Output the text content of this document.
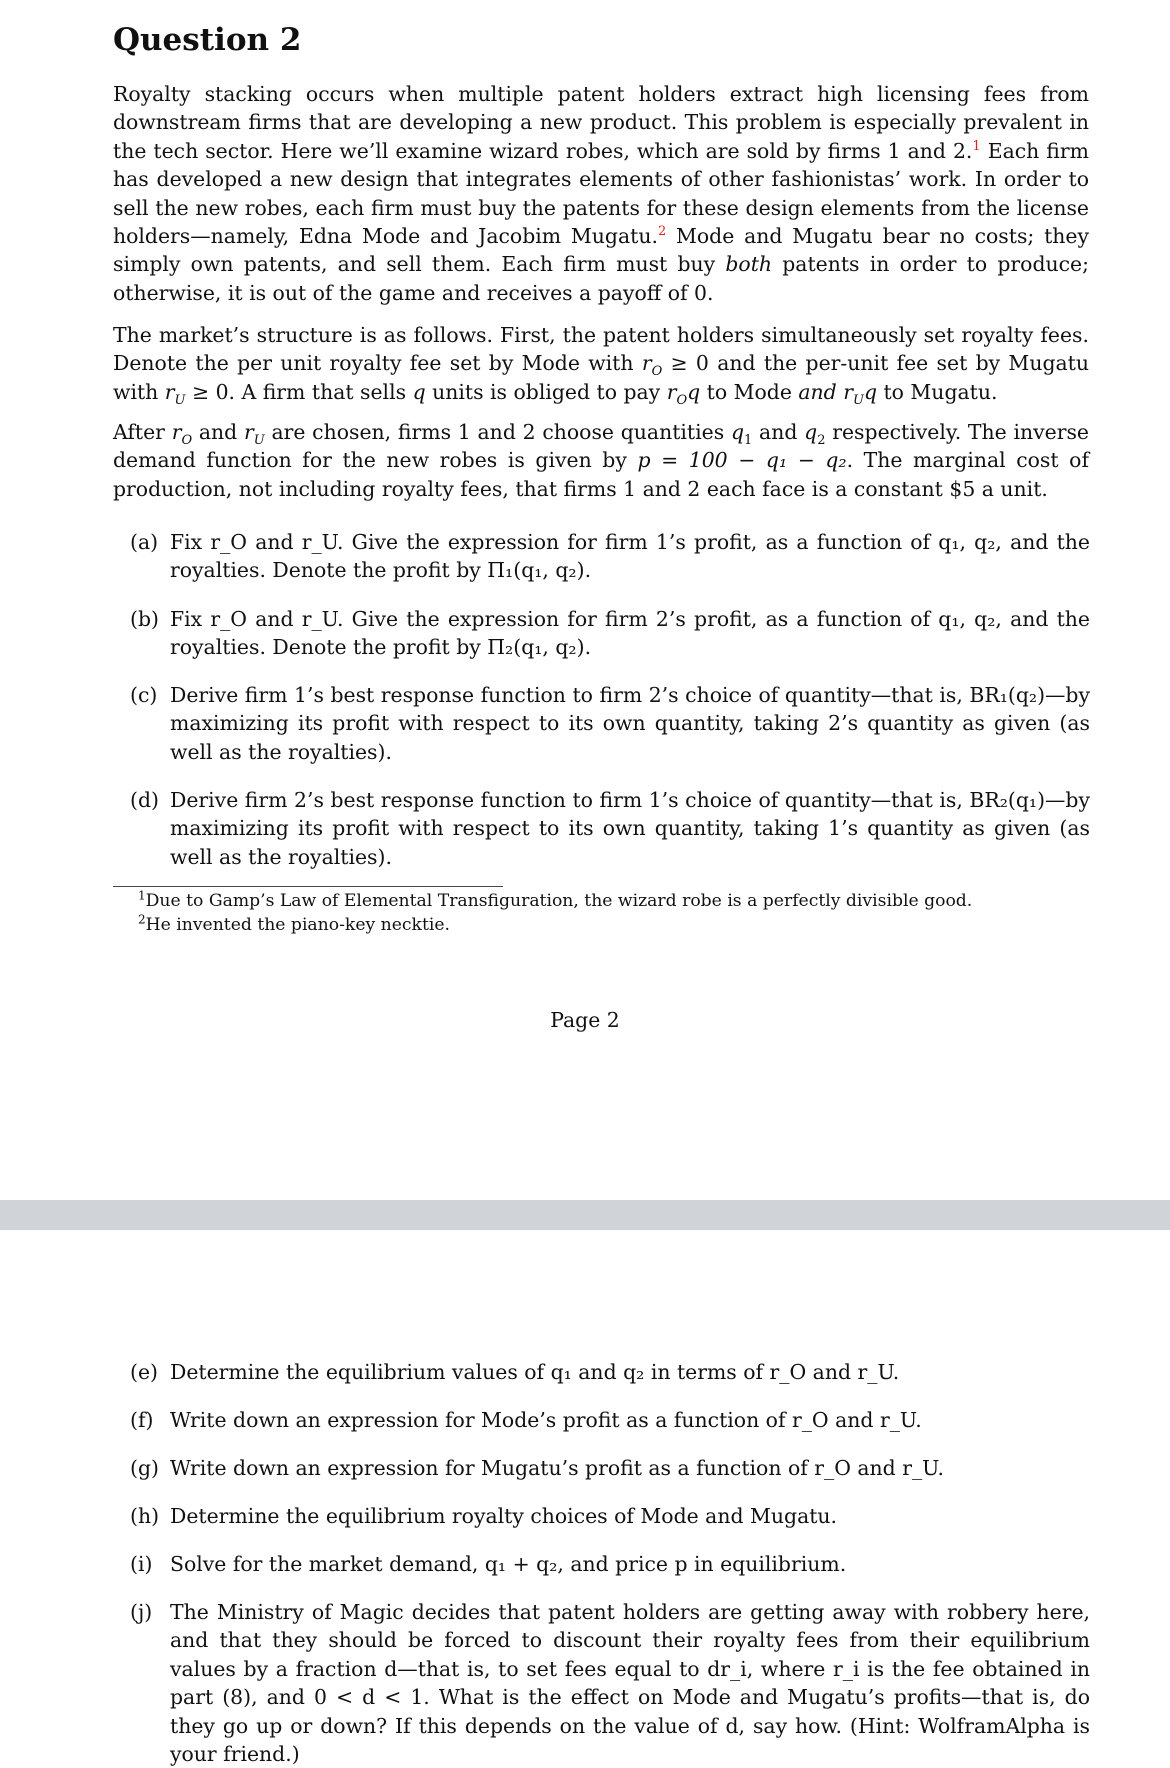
Question 2

Royalty stacking occurs when multiple patent holders extract high licensing fees from downstream firms that are developing a new product. This problem is especially prevalent in the tech sector. Here we’ll examine wizard robes, which are sold by firms 1 and 2.$^1$ Each firm has developed a new design that integrates elements of other fashionistas’ work. In order to sell the new robes, each firm must buy the patents for these design elements from the license holders—namely, Edna Mode and Jacobim Mugatu.$^2$ Mode and Mugatu bear no costs; they simply own patents, and sell them. Each firm must buy both patents in order to produce; otherwise, it is out of the game and receives a payoff of 0.

The market’s structure is as follows. First, the patent holders simultaneously set royalty fees. Denote the per unit royalty fee set by Mode with $r_O \ge 0$ and the per-unit fee set by Mugatu with $r_U \ge 0$. A firm that sells q units is obliged to pay $r_Oq$ to Mode and $r_Uq$ to Mugatu.

After $r_O$ and $r_U$ are chosen, firms 1 and 2 choose quantities $q_1$ and $q_2$ respectively. The inverse demand function for the new robes is given by p = 100 − q₁ − q₂. The marginal cost of production, not including royalty fees, that firms 1 and 2 each face is a constant $5 a unit.

(a) Fix r_O and r_U. Give the expression for firm 1’s profit, as a function of q₁, q₂, and the royalties. Denote the profit by Π₁(q₁, q₂).
(b) Fix r_O and r_U. Give the expression for firm 2’s profit, as a function of q₁, q₂, and the royalties. Denote the profit by Π₂(q₁, q₂).
(c) Derive firm 1’s best response function to firm 2’s choice of quantity—that is, BR₁(q₂)—by maximizing its profit with respect to its own quantity, taking 2’s quantity as given (as well as the royalties).
(d) Derive firm 2’s best response function to firm 1’s choice of quantity—that is, BR₂(q₁)—by maximizing its profit with respect to its own quantity, taking 1’s quantity as given (as well as the royalties).
$^1$Due to Gamp’s Law of Elemental Transfiguration, the wizard robe is a perfectly divisible good.
$^2$He invented the piano-key necktie.
Page 2
(e) Determine the equilibrium values of q₁ and q₂ in terms of r_O and r_U.
(f) Write down an expression for Mode’s profit as a function of r_O and r_U.
(g) Write down an expression for Mugatu’s profit as a function of r_O and r_U.
(h) Determine the equilibrium royalty choices of Mode and Mugatu.
(i) Solve for the market demand, q₁ + q₂, and price p in equilibrium.
(j) The Ministry of Magic decides that patent holders are getting away with robbery here, and that they should be forced to discount their royalty fees from their equilibrium values by a fraction d—that is, to set fees equal to dr_i, where r_i is the fee obtained in part (8), and 0 < d < 1. What is the effect on Mode and Mugatu’s profits—that is, do they go up or down? If this depends on the value of d, say how. (Hint: WolframAlpha is your friend.)
